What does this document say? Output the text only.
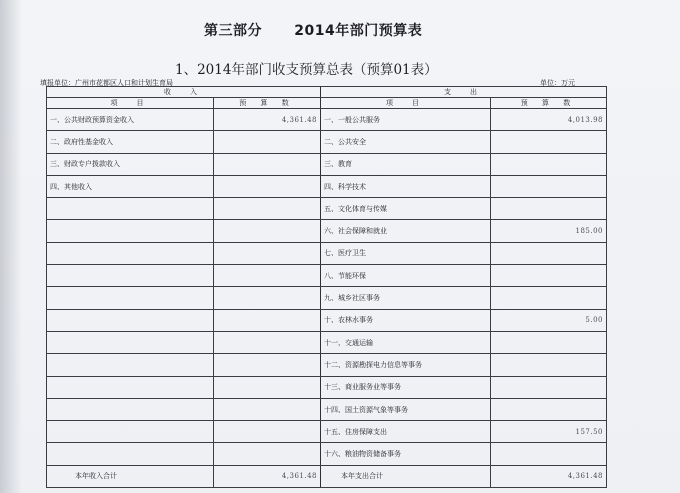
第三部分      2014年部门预算表
1、2014年部门收支预算总表（预算01表）
填报单位：广州市花都区人口和计划生育局	单位：万元
收　入		支　出	
项　目	预 算 数	项　目	预 算 数
一、公共财政预算资金收入	4,361.48	一、一般公共服务	4,013.98
二、政府性基金收入		二、公共安全	
三、财政专户拨款收入		三、教育	
四、其他收入		四、科学技术	
		五、文化体育与传媒	
		六、社会保障和就业	185.00
		七、医疗卫生	
		八、节能环保	
		九、城乡社区事务	
		十、农林水事务	5.00
		十一、交通运输	
		十二、资源勘探电力信息等事务	
		十三、商业服务业等事务	
		十四、国土资源气象等事务	
		十五、住房保障支出	157.50
		十六、粮油物资储备事务	
本年收入合计	4,361.48	本年支出合计	4,361.48
